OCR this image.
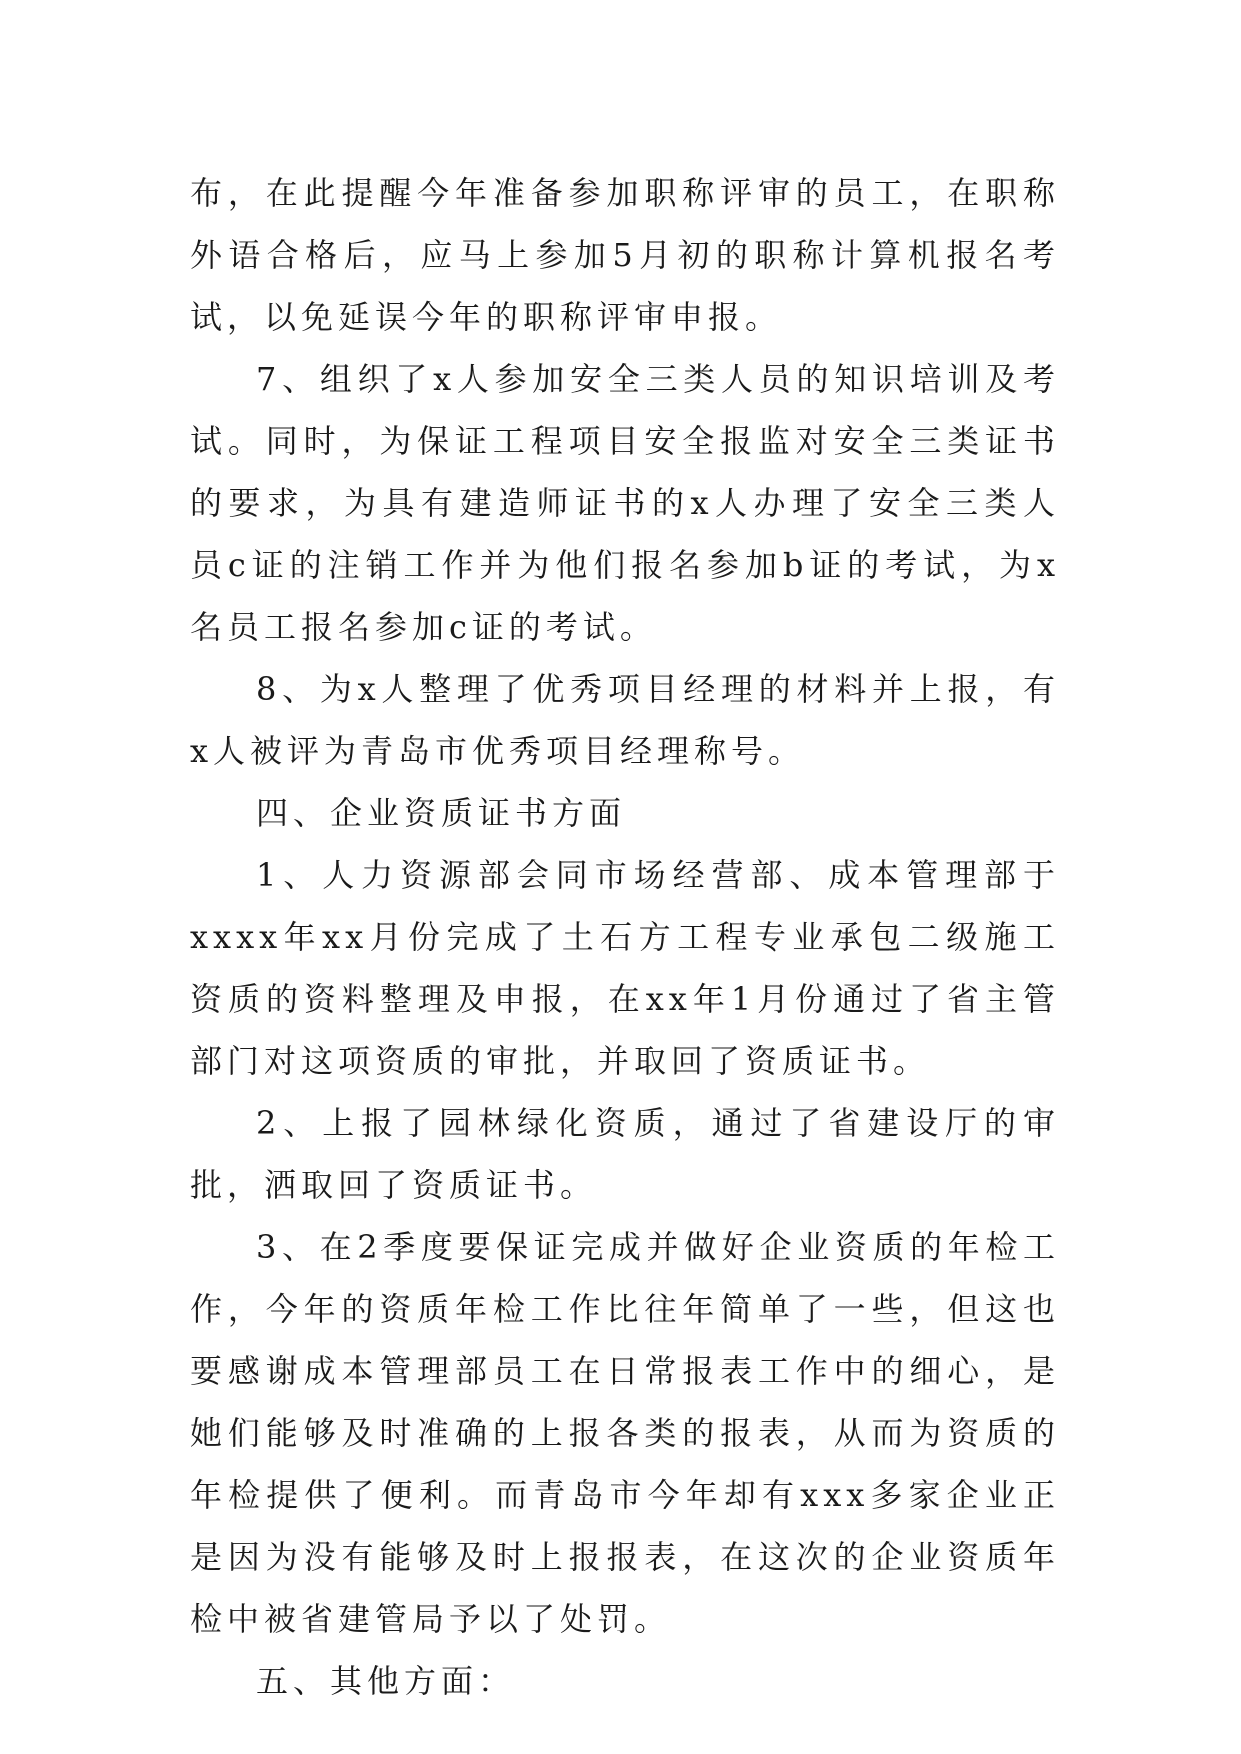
布，在此提醒今年准备参加职称评审的员工，在职称外语合格后，应马上参加5月初的职称计算机报名考试，以免延误今年的职称评审申报。

7、组织了x人参加安全三类人员的知识培训及考试。同时，为保证工程项目安全报监对安全三类证书的要求，为具有建造师证书的x人办理了安全三类人员c证的注销工作并为他们报名参加b证的考试，为x名员工报名参加c证的考试。

8、为x人整理了优秀项目经理的材料并上报，有x人被评为青岛市优秀项目经理称号。

四、企业资质证书方面

1、人力资源部会同市场经营部、成本管理部于xxxx年xx月份完成了土石方工程专业承包二级施工资质的资料整理及申报，在xx年1月份通过了省主管部门对这项资质的审批，并取回了资质证书。

2、上报了园林绿化资质，通过了省建设厅的审批，洒取回了资质证书。

3、在2季度要保证完成并做好企业资质的年检工作，今年的资质年检工作比往年简单了一些，但这也要感谢成本管理部员工在日常报表工作中的细心，是她们能够及时准确的上报各类的报表，从而为资质的年检提供了便利。而青岛市今年却有xxx多家企业正是因为没有能够及时上报报表，在这次的企业资质年检中被省建管局予以了处罚。

五、其他方面：
